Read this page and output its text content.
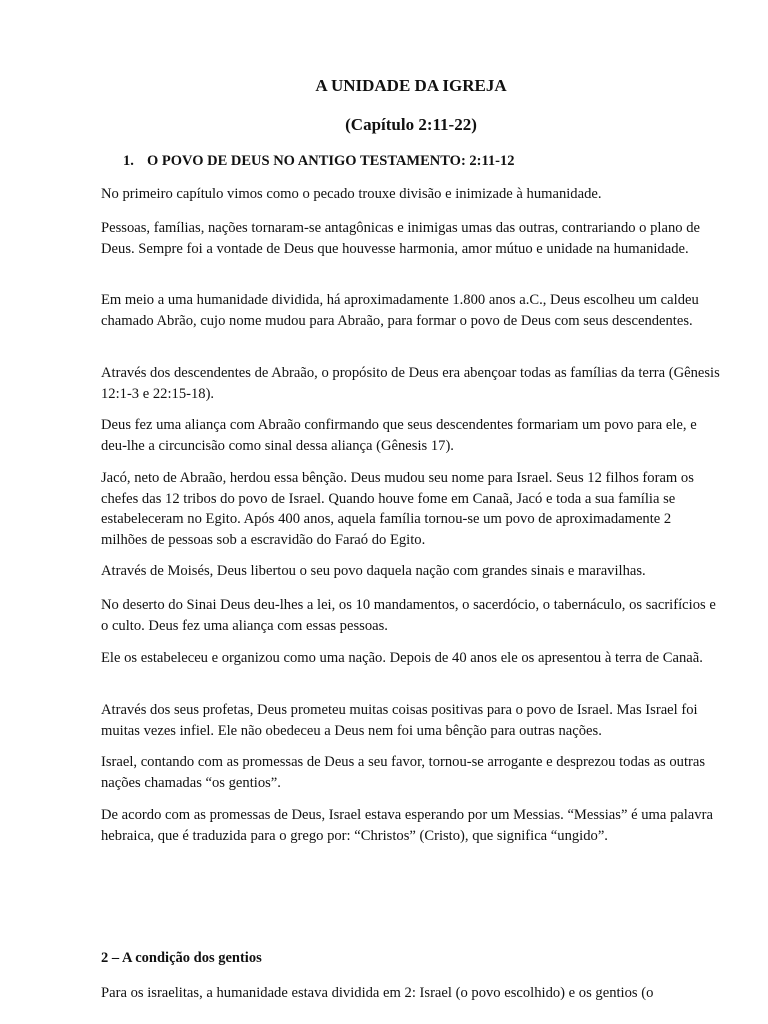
A UNIDADE DA IGREJA
(Capítulo 2:11-22)
1. O POVO DE DEUS NO ANTIGO TESTAMENTO: 2:11-12

No primeiro capítulo vimos como o pecado trouxe divisão e inimizade à humanidade.

Pessoas, famílias, nações tornaram-se antagônicas e inimigas umas das outras, contrariando o plano de Deus. Sempre foi a vontade de Deus que houvesse harmonia, amor mútuo e unidade na humanidade.

Em meio a uma humanidade dividida, há aproximadamente 1.800 anos a.C., Deus escolheu um caldeu chamado Abrão, cujo nome mudou para Abraão, para formar o povo de Deus com seus descendentes.

Através dos descendentes de Abraão, o propósito de Deus era abençoar todas as famílias da terra (Gênesis 12:1-3 e 22:15-18).

Deus fez uma aliança com Abraão confirmando que seus descendentes formariam um povo para ele, e deu-lhe a circuncisão como sinal dessa aliança (Gênesis 17).

Jacó, neto de Abraão, herdou essa bênção. Deus mudou seu nome para Israel. Seus 12 filhos foram os chefes das 12 tribos do povo de Israel. Quando houve fome em Canaã, Jacó e toda a sua família se estabeleceram no Egito. Após 400 anos, aquela família tornou-se um povo de aproximadamente 2 milhões de pessoas sob a escravidão do Faraó do Egito.

Através de Moisés, Deus libertou o seu povo daquela nação com grandes sinais e maravilhas.

No deserto do Sinai Deus deu-lhes a lei, os 10 mandamentos, o sacerdócio, o tabernáculo, os sacrifícios e o culto. Deus fez uma aliança com essas pessoas.

Ele os estabeleceu e organizou como uma nação. Depois de 40 anos ele os apresentou à terra de Canaã.

Através dos seus profetas, Deus prometeu muitas coisas positivas para o povo de Israel. Mas Israel foi muitas vezes infiel. Ele não obedeceu a Deus nem foi uma bênção para outras nações.

Israel, contando com as promessas de Deus a seu favor, tornou-se arrogante e desprezou todas as outras nações chamadas “os gentios”.

De acordo com as promessas de Deus, Israel estava esperando por um Messias. “Messias” é uma palavra hebraica, que é traduzida para o grego por: “Christos” (Cristo), que significa “ungido”.

2 – A condição dos gentios

Para os israelitas, a humanidade estava dividida em 2: Israel (o povo escolhido) e os gentios (o
